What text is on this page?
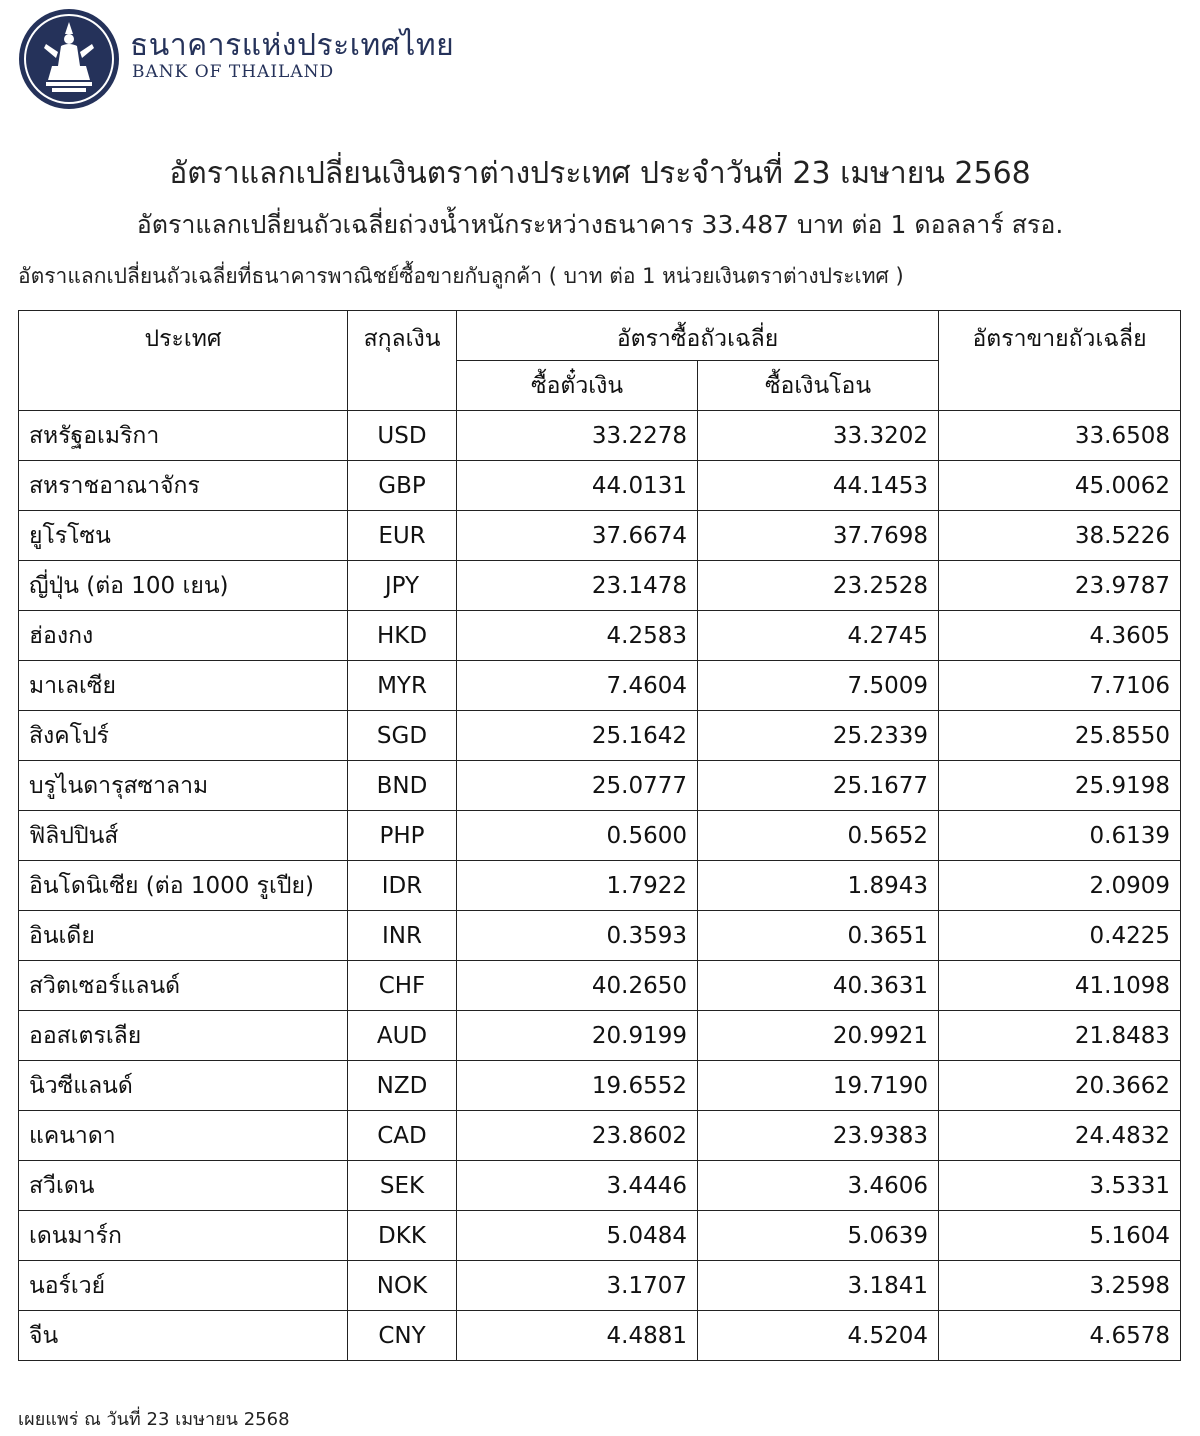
ธนาคารแห่งประเทศไทย
BANK OF THAILAND
อัตราแลกเปลี่ยนเงินตราต่างประเทศ ประจำวันที่ 23 เมษายน 2568
อัตราแลกเปลี่ยนถัวเฉลี่ยถ่วงน้ำหนักระหว่างธนาคาร 33.487 บาท ต่อ 1 ดอลลาร์ สรอ.
อัตราแลกเปลี่ยนถัวเฉลี่ยที่ธนาคารพาณิชย์ซื้อขายกับลูกค้า ( บาท ต่อ 1 หน่วยเงินตราต่างประเทศ )
ประเทศ	สกุลเงิน	อัตราซื้อถัวเฉลี่ย		อัตราขายถัวเฉลี่ย
		ซื้อตั๋วเงิน	ซื้อเงินโอน	
สหรัฐอเมริกา	USD	33.2278	33.3202	33.6508
สหราชอาณาจักร	GBP	44.0131	44.1453	45.0062
ยูโรโซน	EUR	37.6674	37.7698	38.5226
ญี่ปุ่น (ต่อ 100 เยน)	JPY	23.1478	23.2528	23.9787
ฮ่องกง	HKD	4.2583	4.2745	4.3605
มาเลเซีย	MYR	7.4604	7.5009	7.7106
สิงคโปร์	SGD	25.1642	25.2339	25.8550
บรูไนดารุสซาลาม	BND	25.0777	25.1677	25.9198
ฟิลิปปินส์	PHP	0.5600	0.5652	0.6139
อินโดนิเซีย (ต่อ 1000 รูเปีย)	IDR	1.7922	1.8943	2.0909
อินเดีย	INR	0.3593	0.3651	0.4225
สวิตเซอร์แลนด์	CHF	40.2650	40.3631	41.1098
ออสเตรเลีย	AUD	20.9199	20.9921	21.8483
นิวซีแลนด์	NZD	19.6552	19.7190	20.3662
แคนาดา	CAD	23.8602	23.9383	24.4832
สวีเดน	SEK	3.4446	3.4606	3.5331
เดนมาร์ก	DKK	5.0484	5.0639	5.1604
นอร์เวย์	NOK	3.1707	3.1841	3.2598
จีน	CNY	4.4881	4.5204	4.6578
เผยแพร่ ณ วันที่ 23 เมษายน 2568
